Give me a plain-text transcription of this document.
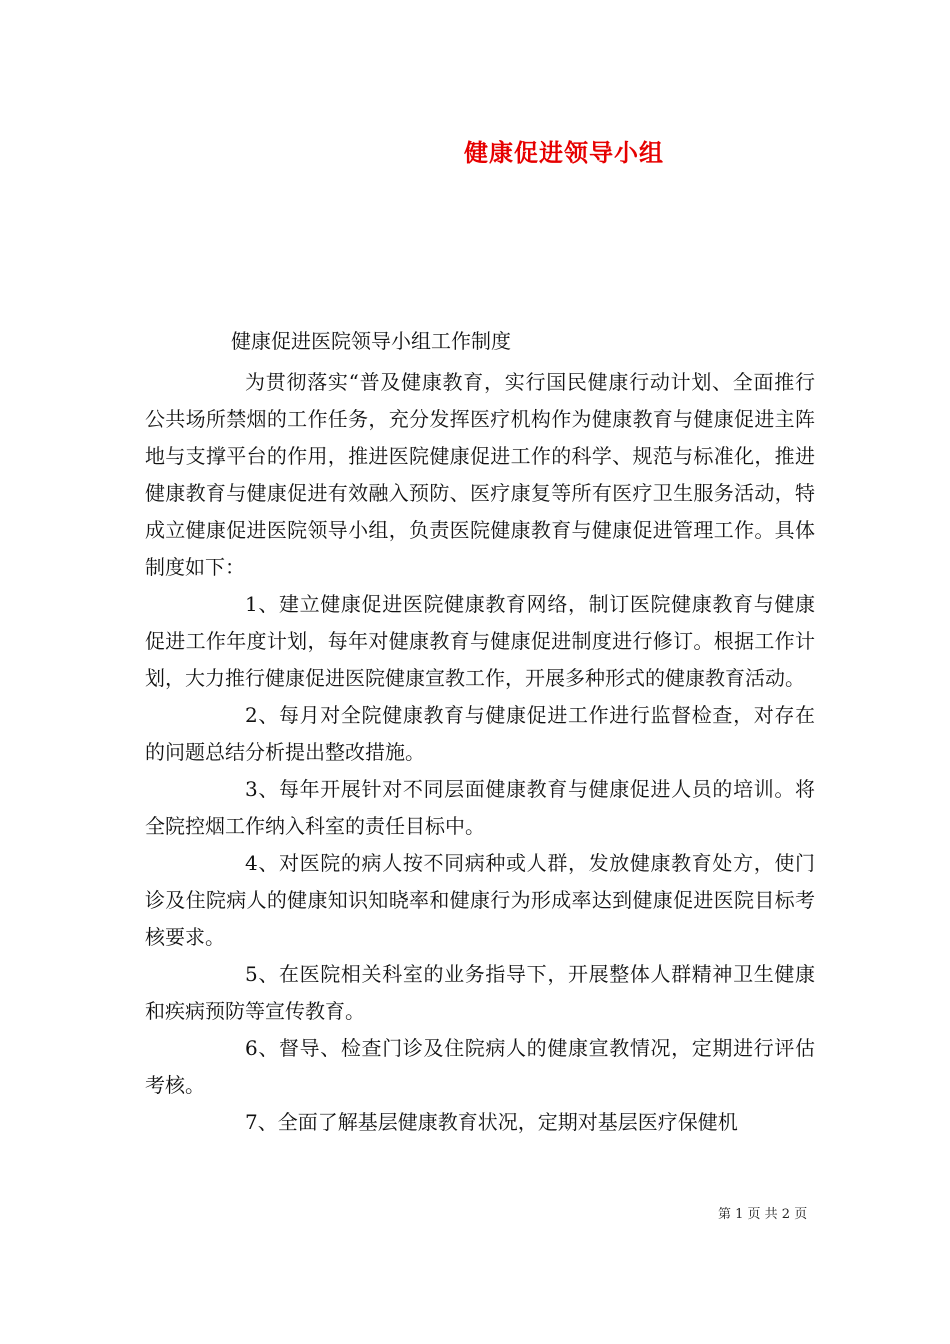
健康促进领导小组
健康促进医院领导小组工作制度

为贯彻落实“普及健康教育，实行国民健康行动计划、全面推行公共场所禁烟的工作任务，充分发挥医疗机构作为健康教育与健康促进主阵地与支撑平台的作用，推进医院健康促进工作的科学、规范与标准化，推进健康教育与健康促进有效融入预防、医疗康复等所有医疗卫生服务活动，特成立健康促进医院领导小组，负责医院健康教育与健康促进管理工作。具体制度如下：

1、建立健康促进医院健康教育网络，制订医院健康教育与健康促进工作年度计划，每年对健康教育与健康促进制度进行修订。根据工作计划，大力推行健康促进医院健康宣教工作，开展多种形式的健康教育活动。

2、每月对全院健康教育与健康促进工作进行监督检查，对存在的问题总结分析提出整改措施。

3、每年开展针对不同层面健康教育与健康促进人员的培训。将全院控烟工作纳入科室的责任目标中。

4、对医院的病人按不同病种或人群，发放健康教育处方，使门诊及住院病人的健康知识知晓率和健康行为形成率达到健康促进医院目标考核要求。

5、在医院相关科室的业务指导下，开展整体人群精神卫生健康和疾病预防等宣传教育。

6、督导、检查门诊及住院病人的健康宣教情况，定期进行评估考核。

7、全面了解基层健康教育状况，定期对基层医疗保健机

第 1 页 共 2 页
